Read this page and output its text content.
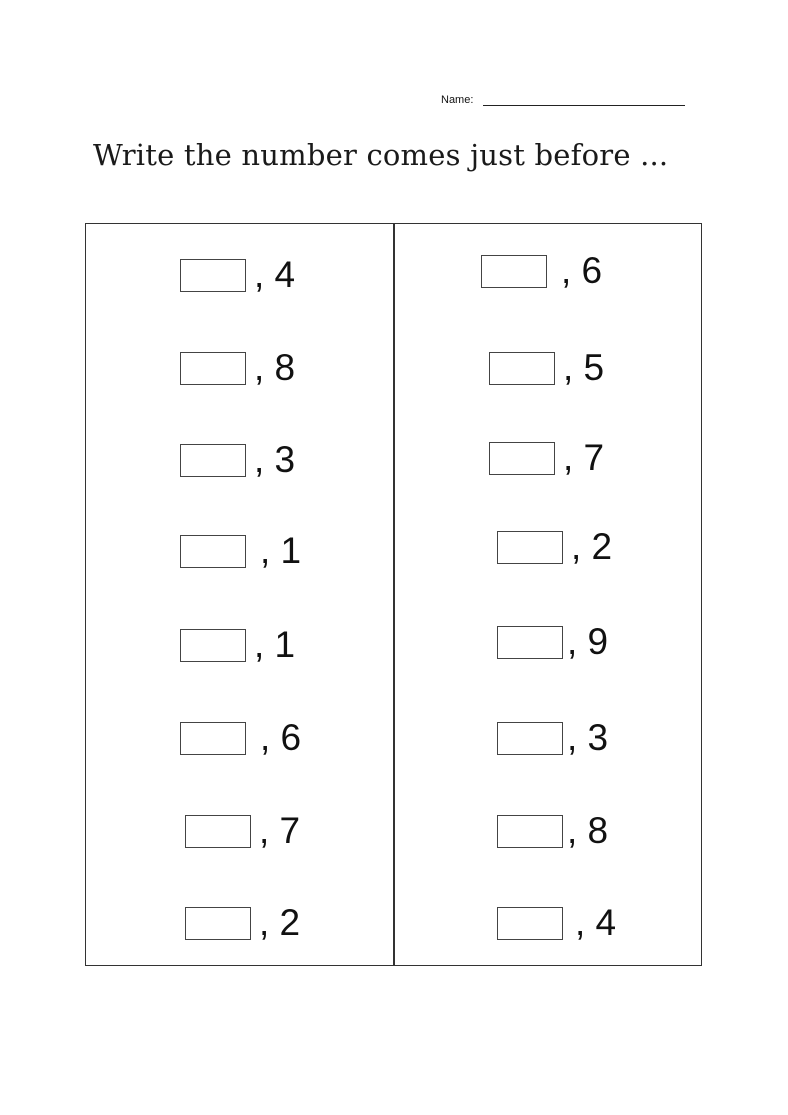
Name:
Write the number comes just before ...
, 4
, 8
, 3
, 1
, 1
, 6
, 7
, 2
, 6
, 5
, 7
, 2
, 9
, 3
, 8
, 4
